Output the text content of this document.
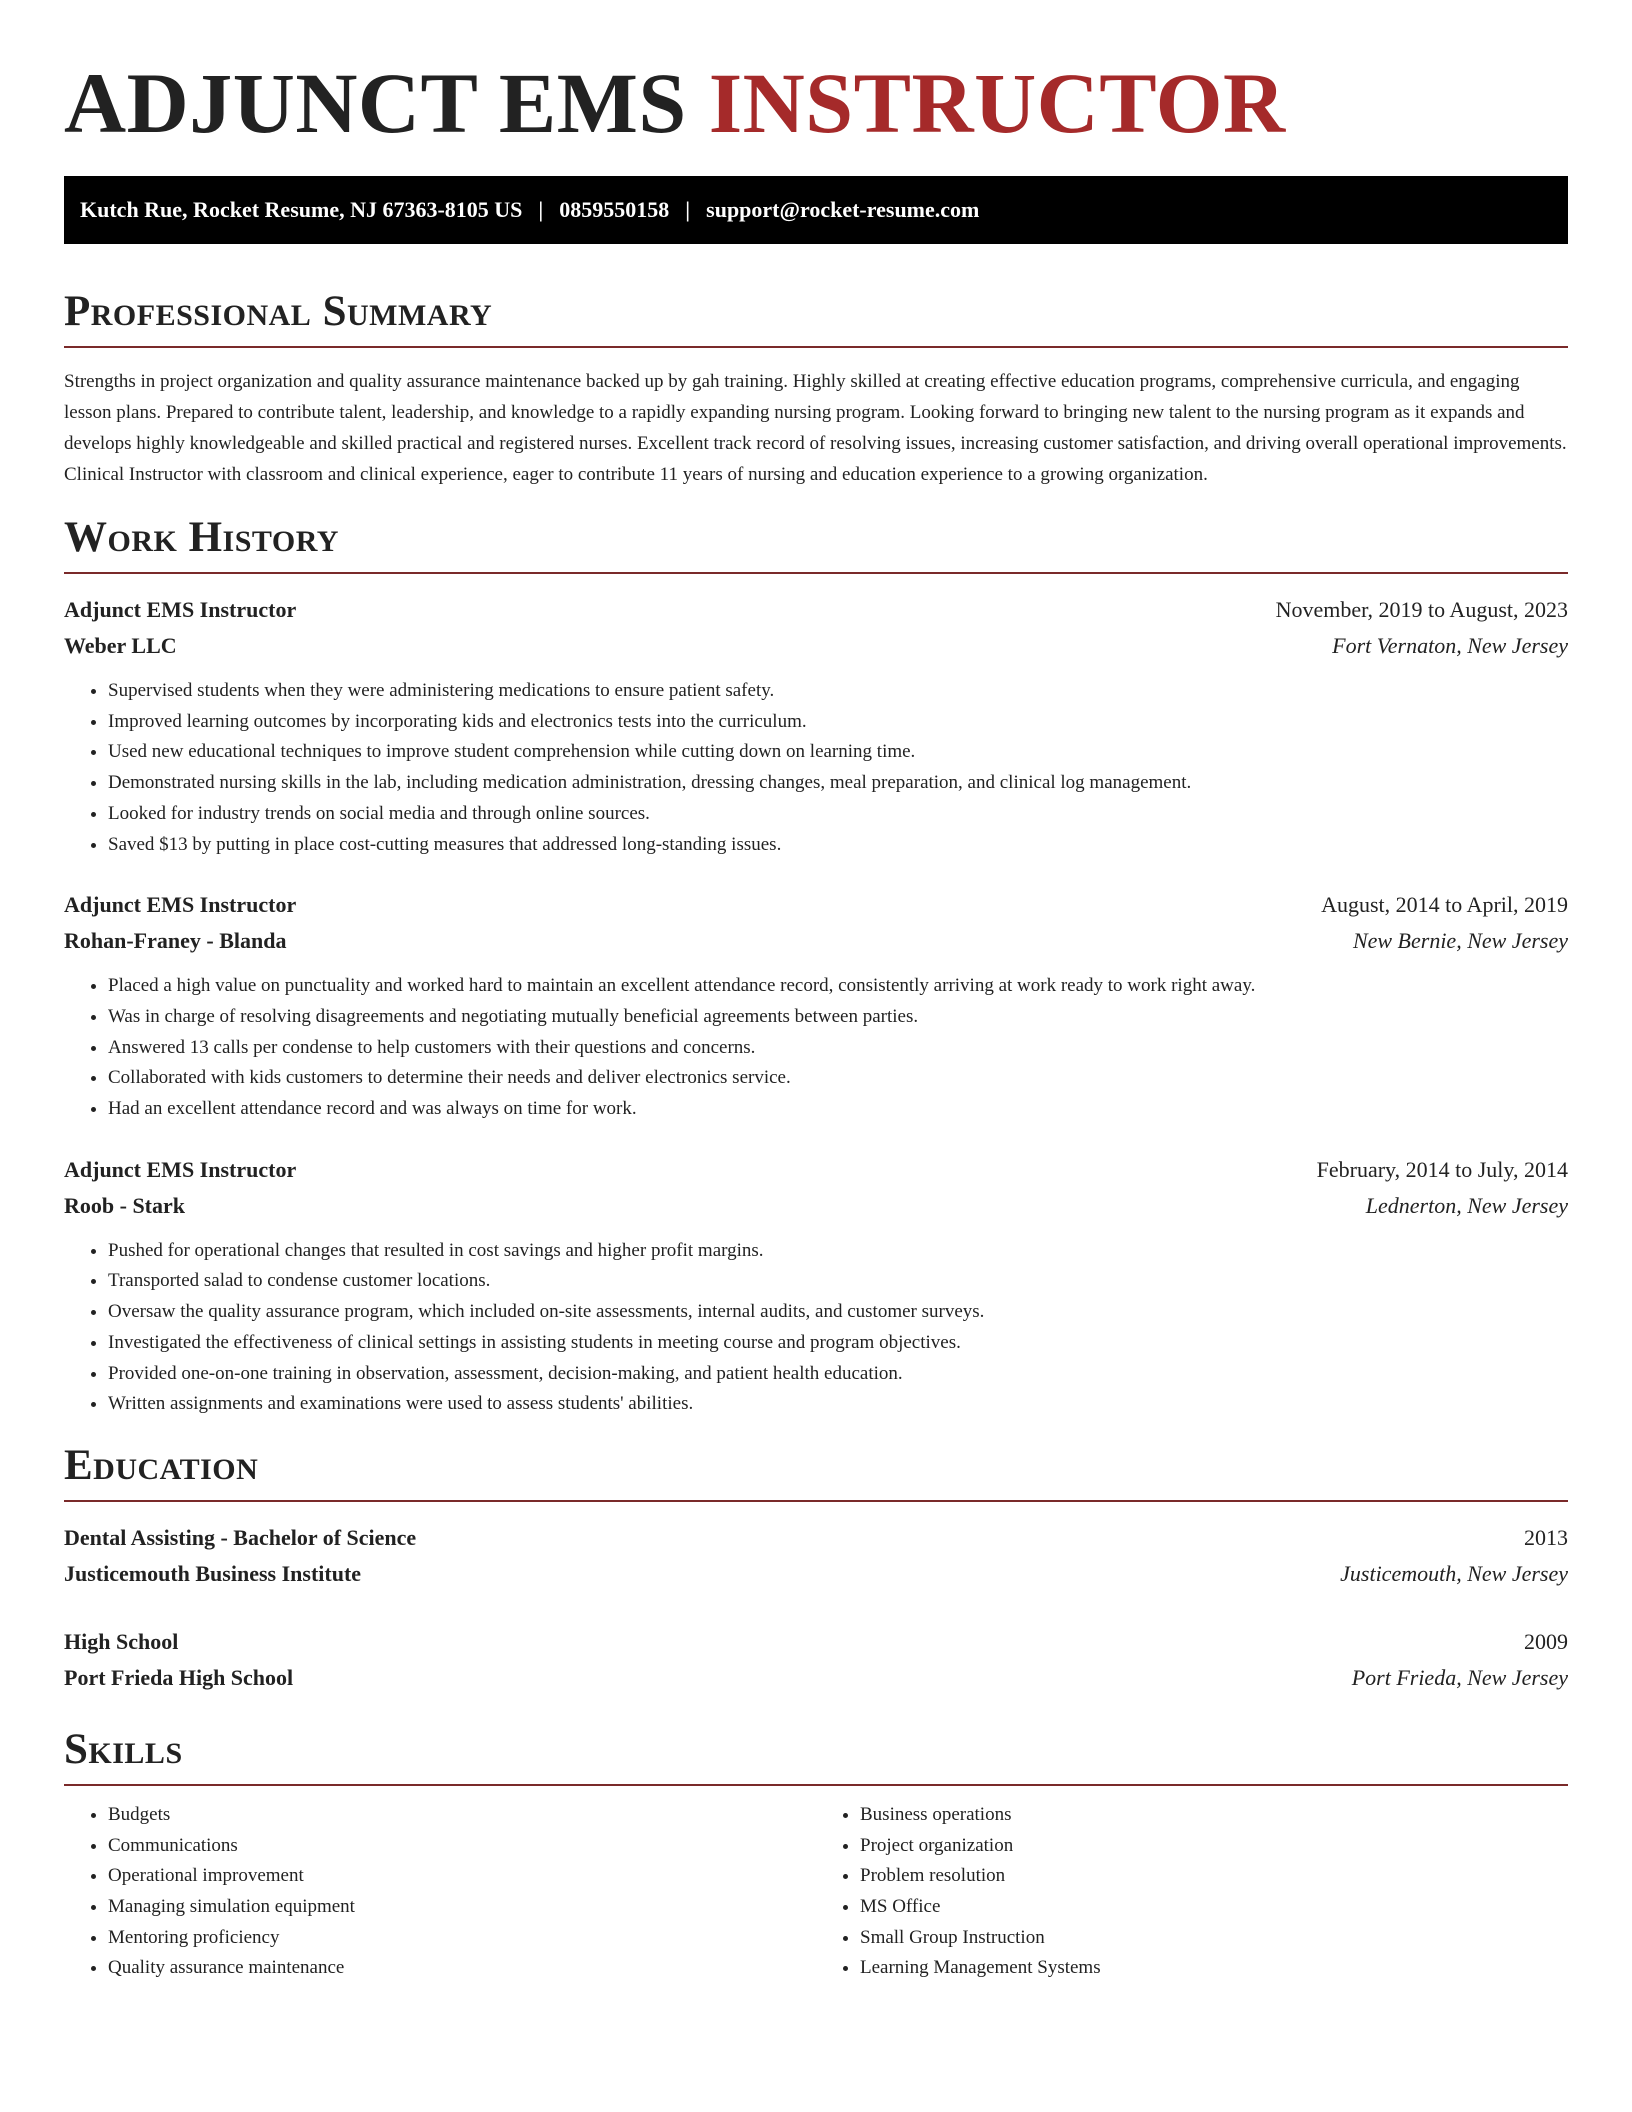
ADJUNCT EMS INSTRUCTOR
Kutch Rue, Rocket Resume, NJ 67363-8105 US | 0859550158 | support@rocket-resume.com
Professional Summary

Strengths in project organization and quality assurance maintenance backed up by gah training. Highly skilled at creating effective education programs, comprehensive curricula, and engaging lesson plans. Prepared to contribute talent, leadership, and knowledge to a rapidly expanding nursing program. Looking forward to bringing new talent to the nursing program as it expands and develops highly knowledgeable and skilled practical and registered nurses. Excellent track record of resolving issues, increasing customer satisfaction, and driving overall operational improvements. Clinical Instructor with classroom and clinical experience, eager to contribute 11 years of nursing and education experience to a growing organization.

Work History
Adjunct EMS Instructor	November, 2019 to August, 2023
Weber LLC	Fort Vernaton, New Jersey
• Supervised students when they were administering medications to ensure patient safety.
• Improved learning outcomes by incorporating kids and electronics tests into the curriculum.
• Used new educational techniques to improve student comprehension while cutting down on learning time.
• Demonstrated nursing skills in the lab, including medication administration, dressing changes, meal preparation, and clinical log management.
• Looked for industry trends on social media and through online sources.
• Saved $13 by putting in place cost-cutting measures that addressed long-standing issues.
Adjunct EMS Instructor	August, 2014 to April, 2019
Rohan-Franey - Blanda	New Bernie, New Jersey
• Placed a high value on punctuality and worked hard to maintain an excellent attendance record, consistently arriving at work ready to work right away.
• Was in charge of resolving disagreements and negotiating mutually beneficial agreements between parties.
• Answered 13 calls per condense to help customers with their questions and concerns.
• Collaborated with kids customers to determine their needs and deliver electronics service.
• Had an excellent attendance record and was always on time for work.
Adjunct EMS Instructor	February, 2014 to July, 2014
Roob - Stark	Lednerton, New Jersey
• Pushed for operational changes that resulted in cost savings and higher profit margins.
• Transported salad to condense customer locations.
• Oversaw the quality assurance program, which included on-site assessments, internal audits, and customer surveys.
• Investigated the effectiveness of clinical settings in assisting students in meeting course and program objectives.
• Provided one-on-one training in observation, assessment, decision-making, and patient health education.
• Written assignments and examinations were used to assess students' abilities.
Education
Dental Assisting - Bachelor of Science	2013
Justicemouth Business Institute	Justicemouth, New Jersey
High School	2009
Port Frieda High School	Port Frieda, New Jersey
Skills
• Budgets
• Communications
• Operational improvement
• Managing simulation equipment
• Mentoring proficiency
• Quality assurance maintenance
• Business operations
• Project organization
• Problem resolution
• MS Office
• Small Group Instruction
• Learning Management Systems
